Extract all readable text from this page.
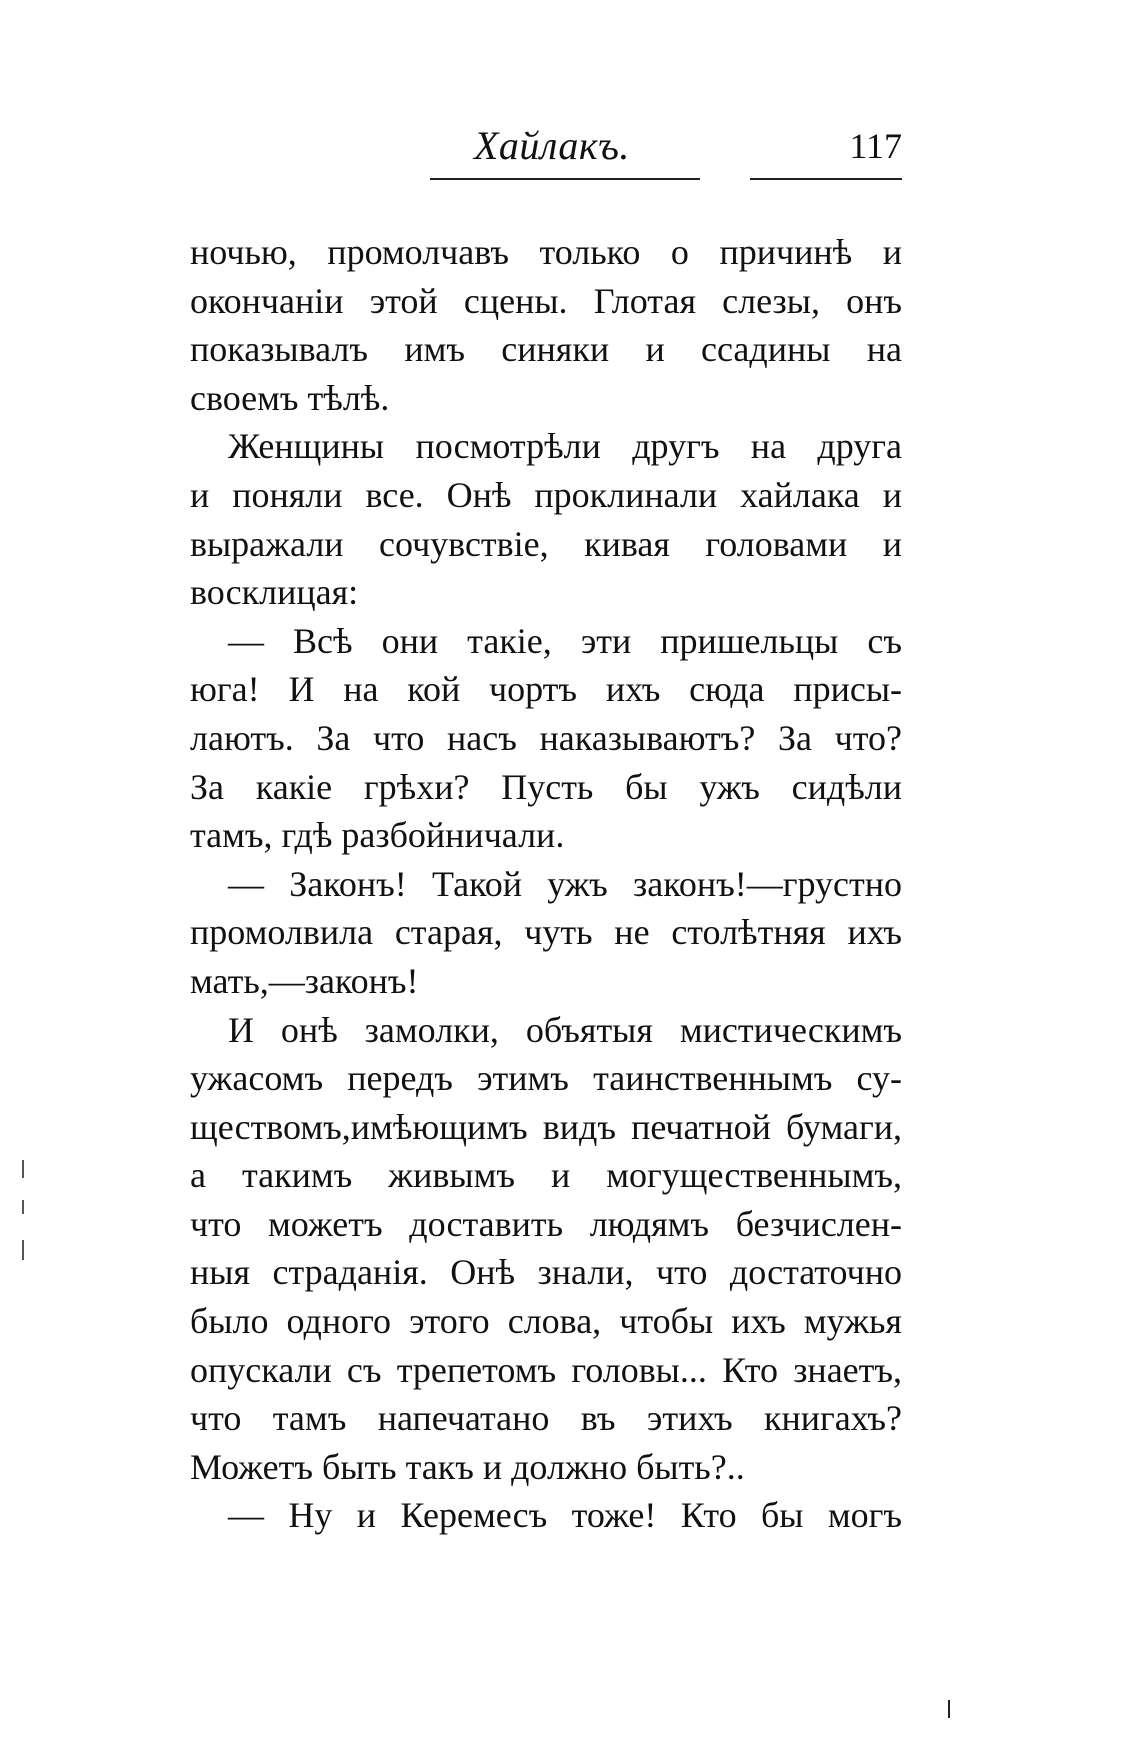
Хайлакъ.	117
ночью, промолчавъ только о причинѣ и
окончаніи этой сцены. Глотая слезы, онъ
показывалъ имъ синяки и ссадины на
своемъ тѣлѣ.
Женщины посмотрѣли другъ на друга
и поняли все. Онѣ проклинали хайлака и
выражали сочувствіе, кивая головами и
восклицая:
— Всѣ они такіе, эти пришельцы съ
юга! И на кой чортъ ихъ сюда присы-
лаютъ. За что насъ наказываютъ? За что?
За какіе грѣхи? Пусть бы ужъ сидѣли
тамъ, гдѣ разбойничали.
— Законъ! Такой ужъ законъ!—грустно
промолвила старая, чуть не столѣтняя ихъ
мать,—законъ!
И онѣ замолки, объятыя мистическимъ
ужасомъ передъ этимъ таинственнымъ су-
ществомъ,имѣющимъ видъ печатной бумаги,
а такимъ живымъ и могущественнымъ,
что можетъ доставить людямъ безчислен-
ныя страданія. Онѣ знали, что достаточно
было одного этого слова, чтобы ихъ мужья
опускали съ трепетомъ головы... Кто знаетъ,
что тамъ напечатано въ этихъ книгахъ?
Можетъ быть такъ и должно быть?..
— Ну и Керемесъ тоже! Кто бы могъ
